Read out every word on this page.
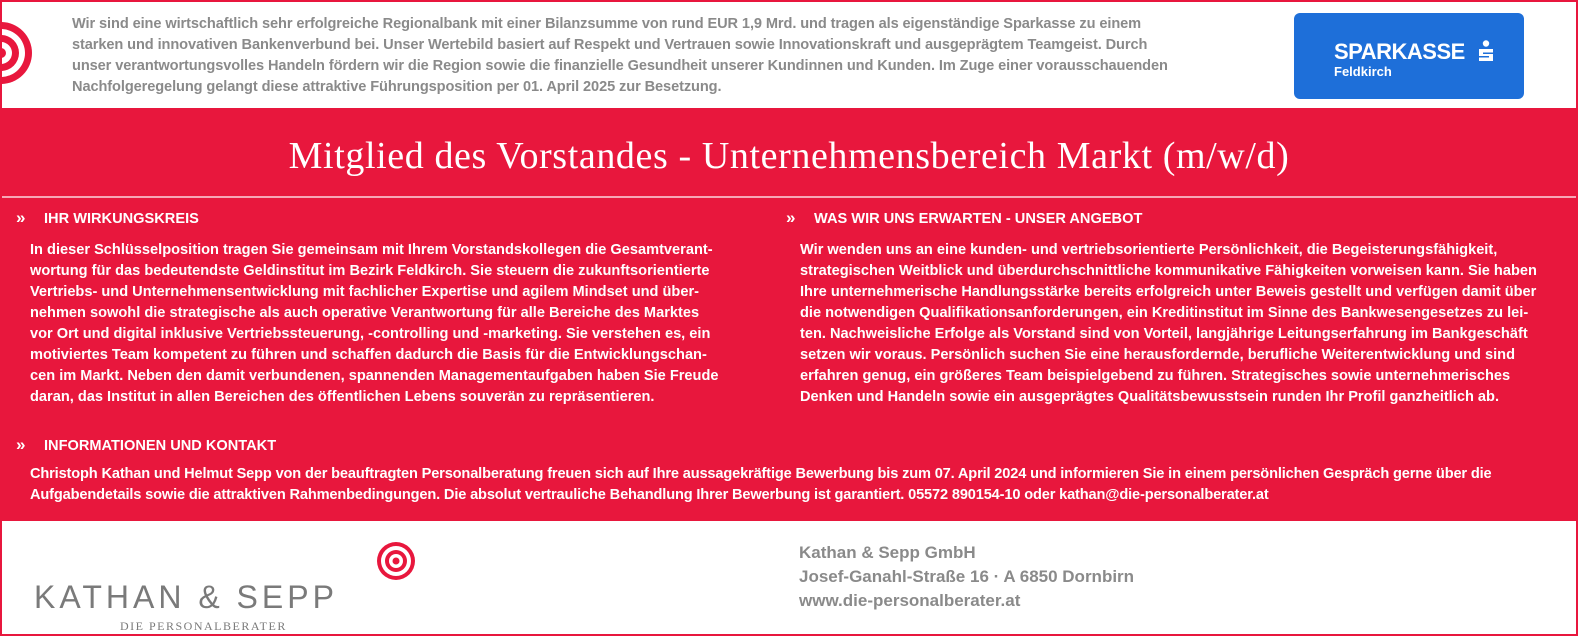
Wir sind eine wirtschaftlich sehr erfolgreiche Regionalbank mit einer Bilanzsumme von rund EUR 1,9 Mrd. und tragen als eigenständige Sparkasse zu einem
starken und innovativen Bankenverbund bei. Unser Wertebild basiert auf Respekt und Vertrauen sowie Innovationskraft und ausgeprägtem Teamgeist. Durch
unser verantwortungsvolles Handeln fördern wir die Region sowie die finanzielle Gesundheit unserer Kundinnen und Kunden. Im Zuge einer vorausschauenden
Nachfolgeregelung gelangt diese attraktive Führungsposition per 01. April 2025 zur Besetzung.
SPARKASSE
Feldkirch
Mitglied des Vorstandes - Unternehmensbereich Markt (m/w/d)
» IHR WIRKUNGSKREIS
In dieser Schlüsselposition tragen Sie gemeinsam mit Ihrem Vorstandskollegen die Gesamtverant-
wortung für das bedeutendste Geldinstitut im Bezirk Feldkirch. Sie steuern die zukunftsorientierte
Vertriebs- und Unternehmensentwicklung mit fachlicher Expertise und agilem Mindset und über-
nehmen sowohl die strategische als auch operative Verantwortung für alle Bereiche des Marktes
vor Ort und digital inklusive Vertriebssteuerung, -controlling und -marketing. Sie verstehen es, ein
motiviertes Team kompetent zu führen und schaffen dadurch die Basis für die Entwicklungschan-
cen im Markt. Neben den damit verbundenen, spannenden Managementaufgaben haben Sie Freude
daran, das Institut in allen Bereichen des öffentlichen Lebens souverän zu repräsentieren.
» WAS WIR UNS ERWARTEN - UNSER ANGEBOT
Wir wenden uns an eine kunden- und vertriebsorientierte Persönlichkeit, die Begeisterungsfähigkeit,
strategischen Weitblick und überdurchschnittliche kommunikative Fähigkeiten vorweisen kann. Sie haben
Ihre unternehmerische Handlungsstärke bereits erfolgreich unter Beweis gestellt und verfügen damit über
die notwendigen Qualifikationsanforderungen, ein Kreditinstitut im Sinne des Bankwesengesetzes zu lei-
ten. Nachweisliche Erfolge als Vorstand sind von Vorteil, langjährige Leitungserfahrung im Bankgeschäft
setzen wir voraus. Persönlich suchen Sie eine herausfordernde, berufliche Weiterentwicklung und sind
erfahren genug, ein größeres Team beispielgebend zu führen. Strategisches sowie unternehmerisches
Denken und Handeln sowie ein ausgeprägtes Qualitätsbewusstsein runden Ihr Profil ganzheitlich ab.
» INFORMATIONEN UND KONTAKT
Christoph Kathan und Helmut Sepp von der beauftragten Personalberatung freuen sich auf Ihre aussagekräftige Bewerbung bis zum 07. April 2024 und informieren Sie in einem persönlichen Gespräch gerne über die
Aufgabendetails sowie die attraktiven Rahmenbedingungen. Die absolut vertrauliche Behandlung Ihrer Bewerbung ist garantiert. 05572 890154-10 oder kathan@die-personalberater.at
KATHAN & SEPP
DIE PERSONALBERATER
Kathan & Sepp GmbH
Josef-Ganahl-Straße 16 · A 6850 Dornbirn
www.die-personalberater.at
